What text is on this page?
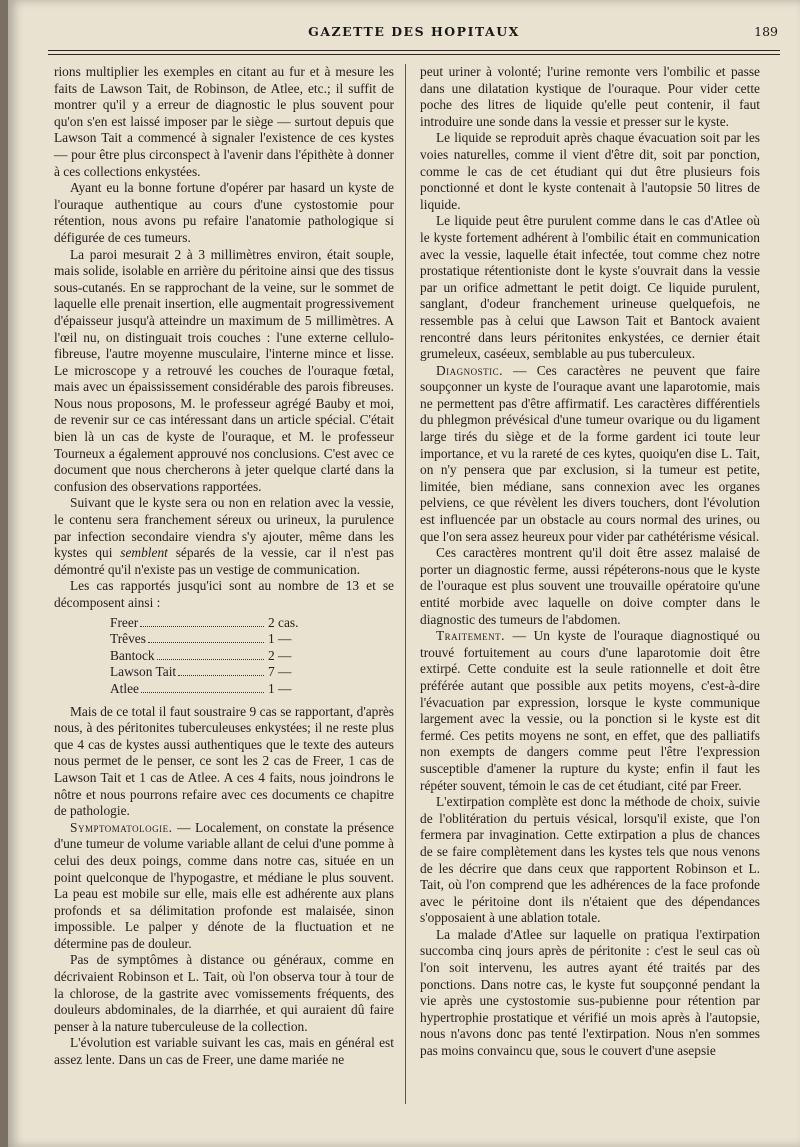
GAZETTE DES HOPITAUX	189

rions multiplier les exemples en citant au fur et à mesure les faits de Lawson Tait, de Robinson, de Atlee, etc.; il suffit de montrer qu'il y a erreur de diagnostic le plus souvent pour qu'on s'en est laissé imposer par le siège — surtout depuis que Lawson Tait a commencé à signaler l'existence de ces kystes — pour être plus circonspect à l'avenir dans l'épithète à donner à ces collections enkystées.

Ayant eu la bonne fortune d'opérer par hasard un kyste de l'ouraque authentique au cours d'une cystostomie pour rétention, nous avons pu refaire l'anatomie pathologique si défigurée de ces tumeurs.

La paroi mesurait 2 à 3 millimètres environ, était souple, mais solide, isolable en arrière du péritoine ainsi que des tissus sous-cutanés. En se rapprochant de la veine, sur le sommet de laquelle elle prenait insertion, elle augmentait progressivement d'épaisseur jusqu'à atteindre un maximum de 5 millimètres. A l'œil nu, on distinguait trois couches : l'une externe cellulo-fibreuse, l'autre moyenne musculaire, l'interne mince et lisse. Le microscope y a retrouvé les couches de l'ouraque fœtal, mais avec un épaississement considérable des parois fibreuses. Nous nous proposons, M. le professeur agrégé Bauby et moi, de revenir sur ce cas intéressant dans un article spécial. C'était bien là un cas de kyste de l'ouraque, et M. le professeur Tourneux a également approuvé nos conclusions. C'est avec ce document que nous chercherons à jeter quelque clarté dans la confusion des observations rapportées.

Suivant que le kyste sera ou non en relation avec la vessie, le contenu sera franchement séreux ou urineux, la purulence par infection secondaire viendra s'y ajouter, même dans les kystes qui semblent séparés de la vessie, car il n'est pas démontré qu'il n'existe pas un vestige de communication.

Les cas rapportés jusqu'ici sont au nombre de 13 et se décomposent ainsi :

Freer	2 cas.
Trêves	1 —
Bantock	2 —
Lawson Tait	7 —
Atlee	1 —

Mais de ce total il faut soustraire 9 cas se rapportant, d'après nous, à des péritonites tuberculeuses enkystées; il ne reste plus que 4 cas de kystes aussi authentiques que le texte des auteurs nous permet de le penser, ce sont les 2 cas de Freer, 1 cas de Lawson Tait et 1 cas de Atlee. A ces 4 faits, nous joindrons le nôtre et nous pourrons refaire avec ces documents ce chapitre de pathologie.

Symptomatologie. — Localement, on constate la présence d'une tumeur de volume variable allant de celui d'une pomme à celui des deux poings, comme dans notre cas, située en un point quelconque de l'hypogastre, et médiane le plus souvent. La peau est mobile sur elle, mais elle est adhérente aux plans profonds et sa délimitation profonde est malaisée, sinon impossible. Le palper y dénote de la fluctuation et ne détermine pas de douleur.

Pas de symptômes à distance ou généraux, comme en décrivaient Robinson et L. Tait, où l'on observa tour à tour de la chlorose, de la gastrite avec vomissements fréquents, des douleurs abdominales, de la diarrhée, et qui auraient dû faire penser à la nature tuberculeuse de la collection.

L'évolution est variable suivant les cas, mais en général est assez lente. Dans un cas de Freer, une dame mariée ne

peut uriner à volonté; l'urine remonte vers l'ombilic et passe dans une dilatation kystique de l'ouraque. Pour vider cette poche des litres de liquide qu'elle peut contenir, il faut introduire une sonde dans la vessie et presser sur le kyste.

Le liquide se reproduit après chaque évacuation soit par les voies naturelles, comme il vient d'être dit, soit par ponction, comme le cas de cet étudiant qui dut être plusieurs fois ponctionné et dont le kyste contenait à l'autopsie 50 litres de liquide.

Le liquide peut être purulent comme dans le cas d'Atlee où le kyste fortement adhérent à l'ombilic était en communication avec la vessie, laquelle était infectée, tout comme chez notre prostatique rétentioniste dont le kyste s'ouvrait dans la vessie par un orifice admettant le petit doigt. Ce liquide purulent, sanglant, d'odeur franchement urineuse quelquefois, ne ressemble pas à celui que Lawson Tait et Bantock avaient rencontré dans leurs péritonites enkystées, ce dernier était grumeleux, caséeux, semblable au pus tuberculeux.

Diagnostic. — Ces caractères ne peuvent que faire soupçonner un kyste de l'ouraque avant une laparotomie, mais ne permettent pas d'être affirmatif. Les caractères différentiels du phlegmon prévésical d'une tumeur ovarique ou du ligament large tirés du siège et de la forme gardent ici toute leur importance, et vu la rareté de ces kytes, quoiqu'en dise L. Tait, on n'y pensera que par exclusion, si la tumeur est petite, limitée, bien médiane, sans connexion avec les organes pelviens, ce que révèlent les divers touchers, dont l'évolution est influencée par un obstacle au cours normal des urines, ou que l'on sera assez heureux pour vider par cathétérisme vésical.

Ces caractères montrent qu'il doit être assez malaisé de porter un diagnostic ferme, aussi répéterons-nous que le kyste de l'ouraque est plus souvent une trouvaille opératoire qu'une entité morbide avec laquelle on doive compter dans le diagnostic des tumeurs de l'abdomen.

Traitement. — Un kyste de l'ouraque diagnostiqué ou trouvé fortuitement au cours d'une laparotomie doit être extirpé. Cette conduite est la seule rationnelle et doit être préférée autant que possible aux petits moyens, c'est-à-dire l'évacuation par expression, lorsque le kyste communique largement avec la vessie, ou la ponction si le kyste est dit fermé. Ces petits moyens ne sont, en effet, que des palliatifs non exempts de dangers comme peut l'être l'expression susceptible d'amener la rupture du kyste; enfin il faut les répéter souvent, témoin le cas de cet étudiant, cité par Freer.

L'extirpation complète est donc la méthode de choix, suivie de l'oblitération du pertuis vésical, lorsqu'il existe, que l'on fermera par invagination. Cette extirpation a plus de chances de se faire complètement dans les kystes tels que nous venons de les décrire que dans ceux que rapportent Robinson et L. Tait, où l'on comprend que les adhérences de la face profonde avec le péritoine dont ils n'étaient que des dépendances s'opposaient à une ablation totale.

La malade d'Atlee sur laquelle on pratiqua l'extirpation succomba cinq jours après de péritonite : c'est le seul cas où l'on soit intervenu, les autres ayant été traités par des ponctions. Dans notre cas, le kyste fut soupçonné pendant la vie après une cystostomie sus-pubienne pour rétention par hypertrophie prostatique et vérifié un mois après à l'autopsie, nous n'avons donc pas tenté l'extirpation. Nous n'en sommes pas moins convaincu que, sous le couvert d'une asepsie
